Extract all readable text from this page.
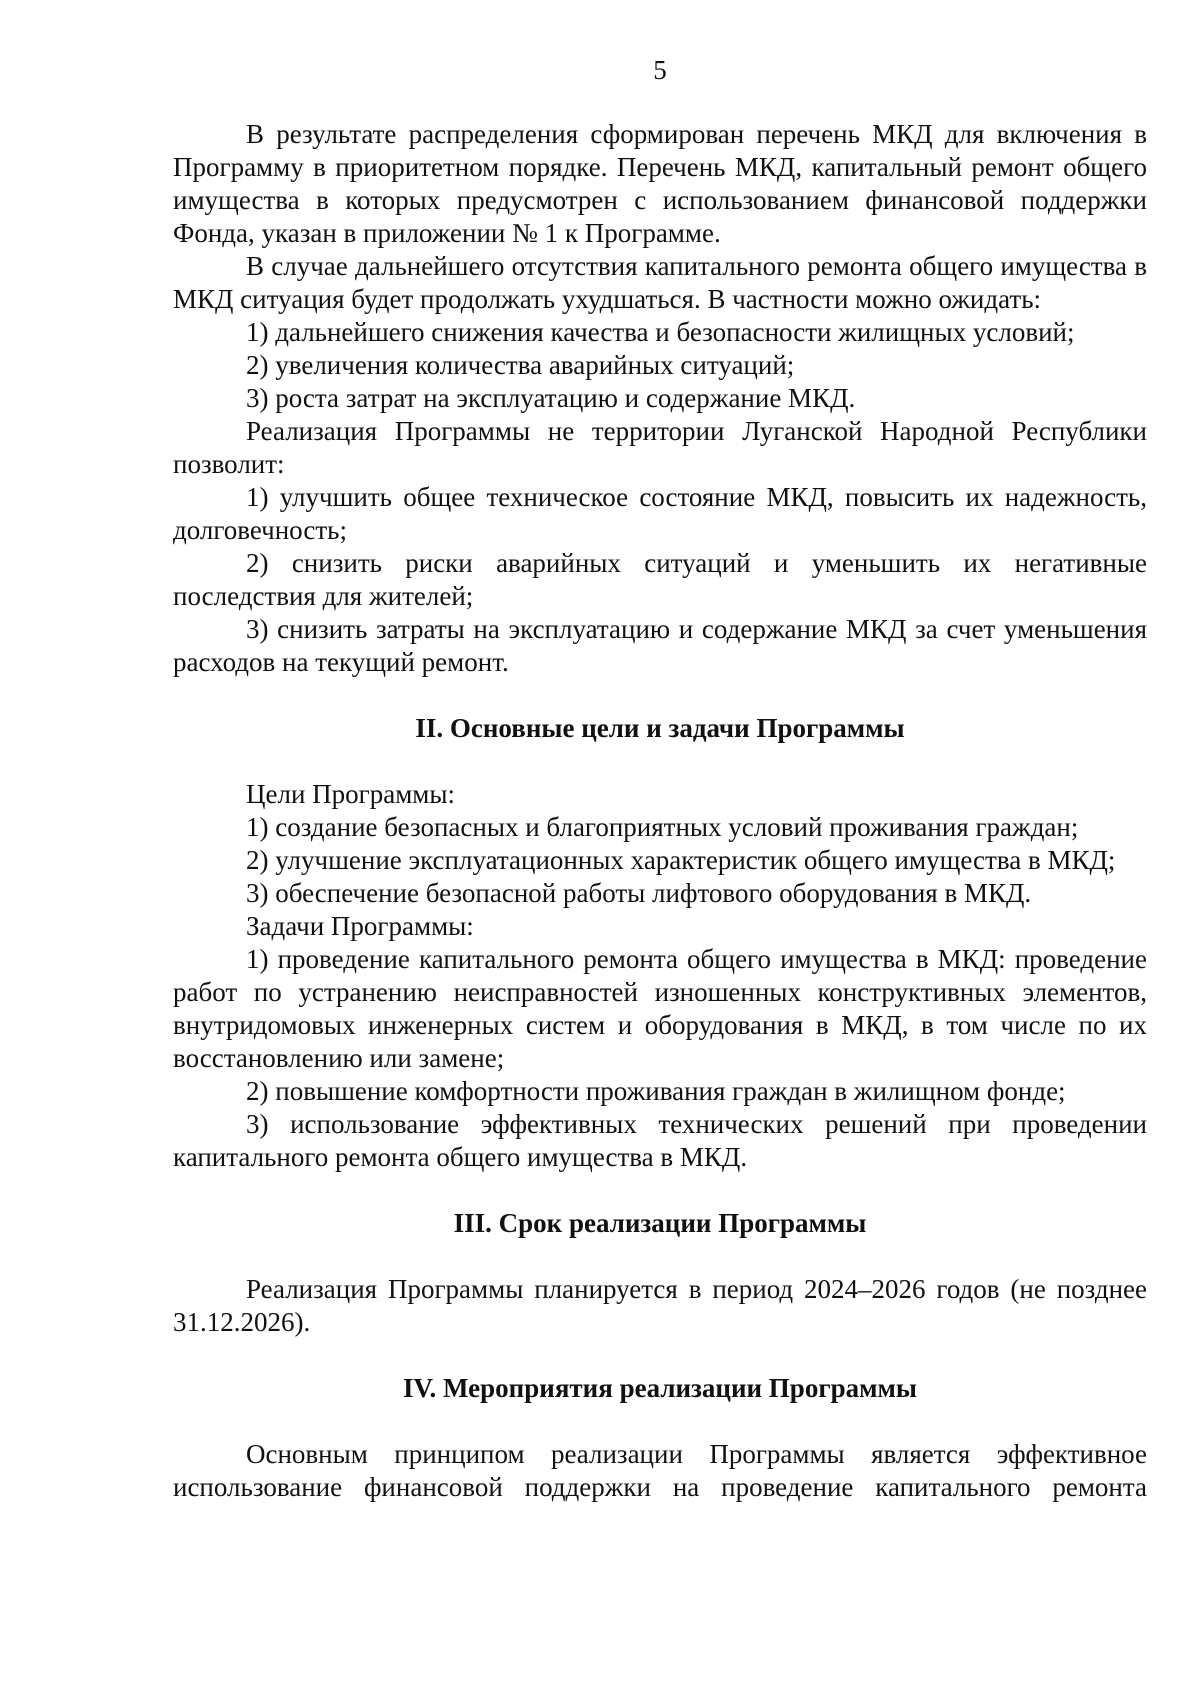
5

В результате распределения сформирован перечень МКД для включения в Программу в приоритетном порядке. Перечень МКД, капитальный ремонт общего имущества в которых предусмотрен с использованием финансовой поддержки Фонда, указан в приложении № 1 к Программе.

В случае дальнейшего отсутствия капитального ремонта общего имущества в МКД ситуация будет продолжать ухудшаться. В частности можно ожидать:

1) дальнейшего снижения качества и безопасности жилищных условий;

2) увеличения количества аварийных ситуаций;

3) роста затрат на эксплуатацию и содержание МКД.

Реализация Программы не территории Луганской Народной Республики позволит:

1) улучшить общее техническое состояние МКД, повысить их надежность, долговечность;

2) снизить риски аварийных ситуаций и уменьшить их негативные последствия для жителей;

3) снизить затраты на эксплуатацию и содержание МКД за счет уменьшения расходов на текущий ремонт.

II. Основные цели и задачи Программы

Цели Программы:

1) создание безопасных и благоприятных условий проживания граждан;

2) улучшение эксплуатационных характеристик общего имущества в МКД;

3) обеспечение безопасной работы лифтового оборудования в МКД.

Задачи Программы:

1) проведение капитального ремонта общего имущества в МКД: проведение работ по устранению неисправностей изношенных конструктивных элементов, внутридомовых инженерных систем и оборудования в МКД, в том числе по их восстановлению или замене;

2) повышение комфортности проживания граждан в жилищном фонде;

3) использование эффективных технических решений при проведении капитального ремонта общего имущества в МКД.

III. Срок реализации Программы

Реализация Программы планируется в период 2024–2026 годов (не позднее 31.12.2026).

IV. Мероприятия реализации Программы

Основным принципом реализации Программы является эффективное использование финансовой поддержки на проведение капитального ремонта
